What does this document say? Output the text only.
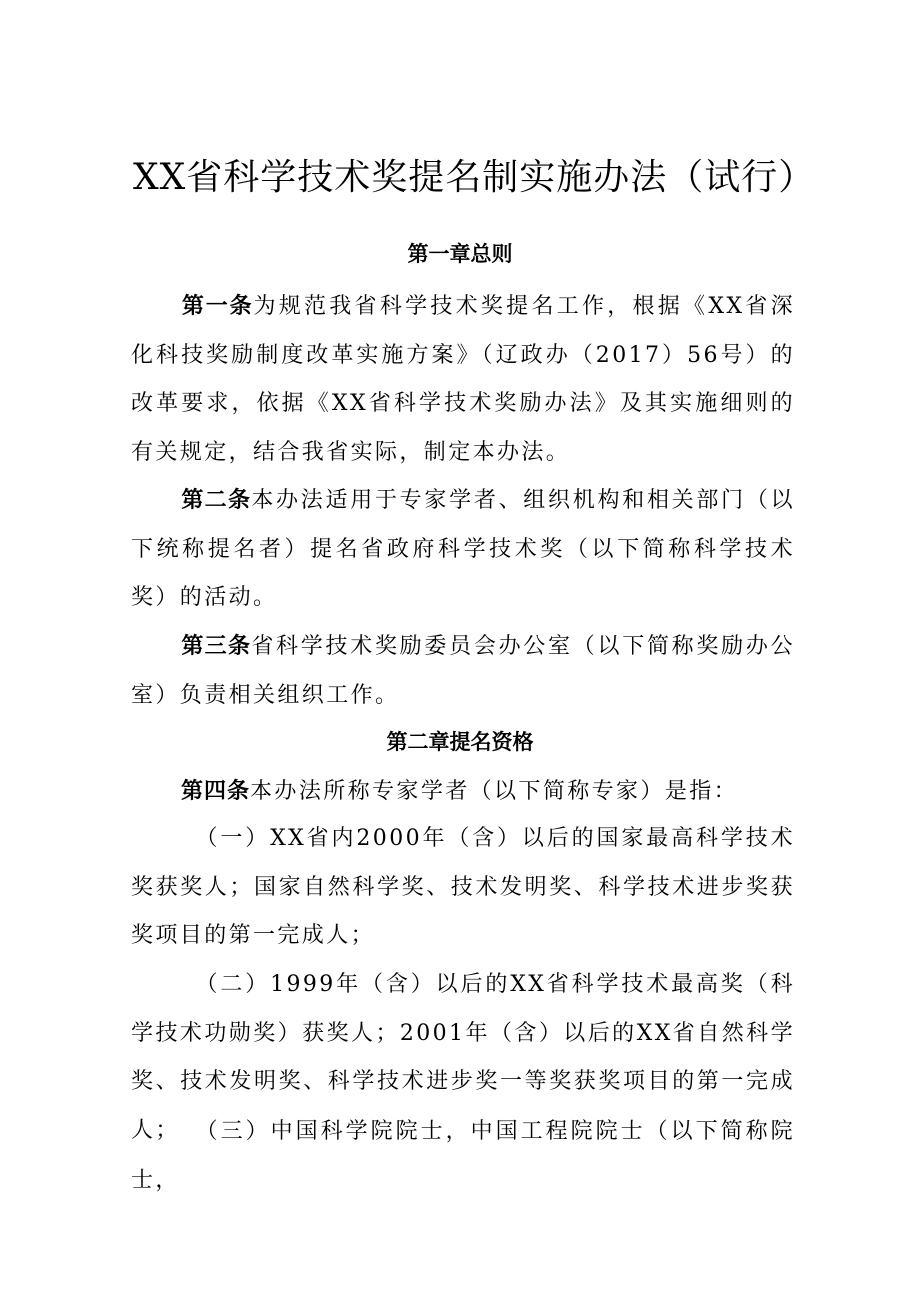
XX省科学技术奖提名制实施办法（试行）
第一章总则

第一条为规范我省科学技术奖提名工作，根据《XX省深化科技奖励制度改革实施方案》（辽政办（2017）56号）的改革要求，依据《XX省科学技术奖励办法》及其实施细则的有关规定，结合我省实际，制定本办法。

第二条本办法适用于专家学者、组织机构和相关部门（以下统称提名者）提名省政府科学技术奖（以下简称科学技术奖）的活动。

第三条省科学技术奖励委员会办公室（以下简称奖励办公室）负责相关组织工作。

第二章提名资格

第四条本办法所称专家学者（以下简称专家）是指：

（一）XX省内2000年（含）以后的国家最高科学技术奖获奖人；国家自然科学奖、技术发明奖、科学技术进步奖获奖项目的第一完成人；

（二）1999年（含）以后的XX省科学技术最高奖（科学技术功勋奖）获奖人；2001年（含）以后的XX省自然科学奖、技术发明奖、科学技术进步奖一等奖获奖项目的第一完成人； （三）中国科学院院士，中国工程院院士（以下简称院士，
